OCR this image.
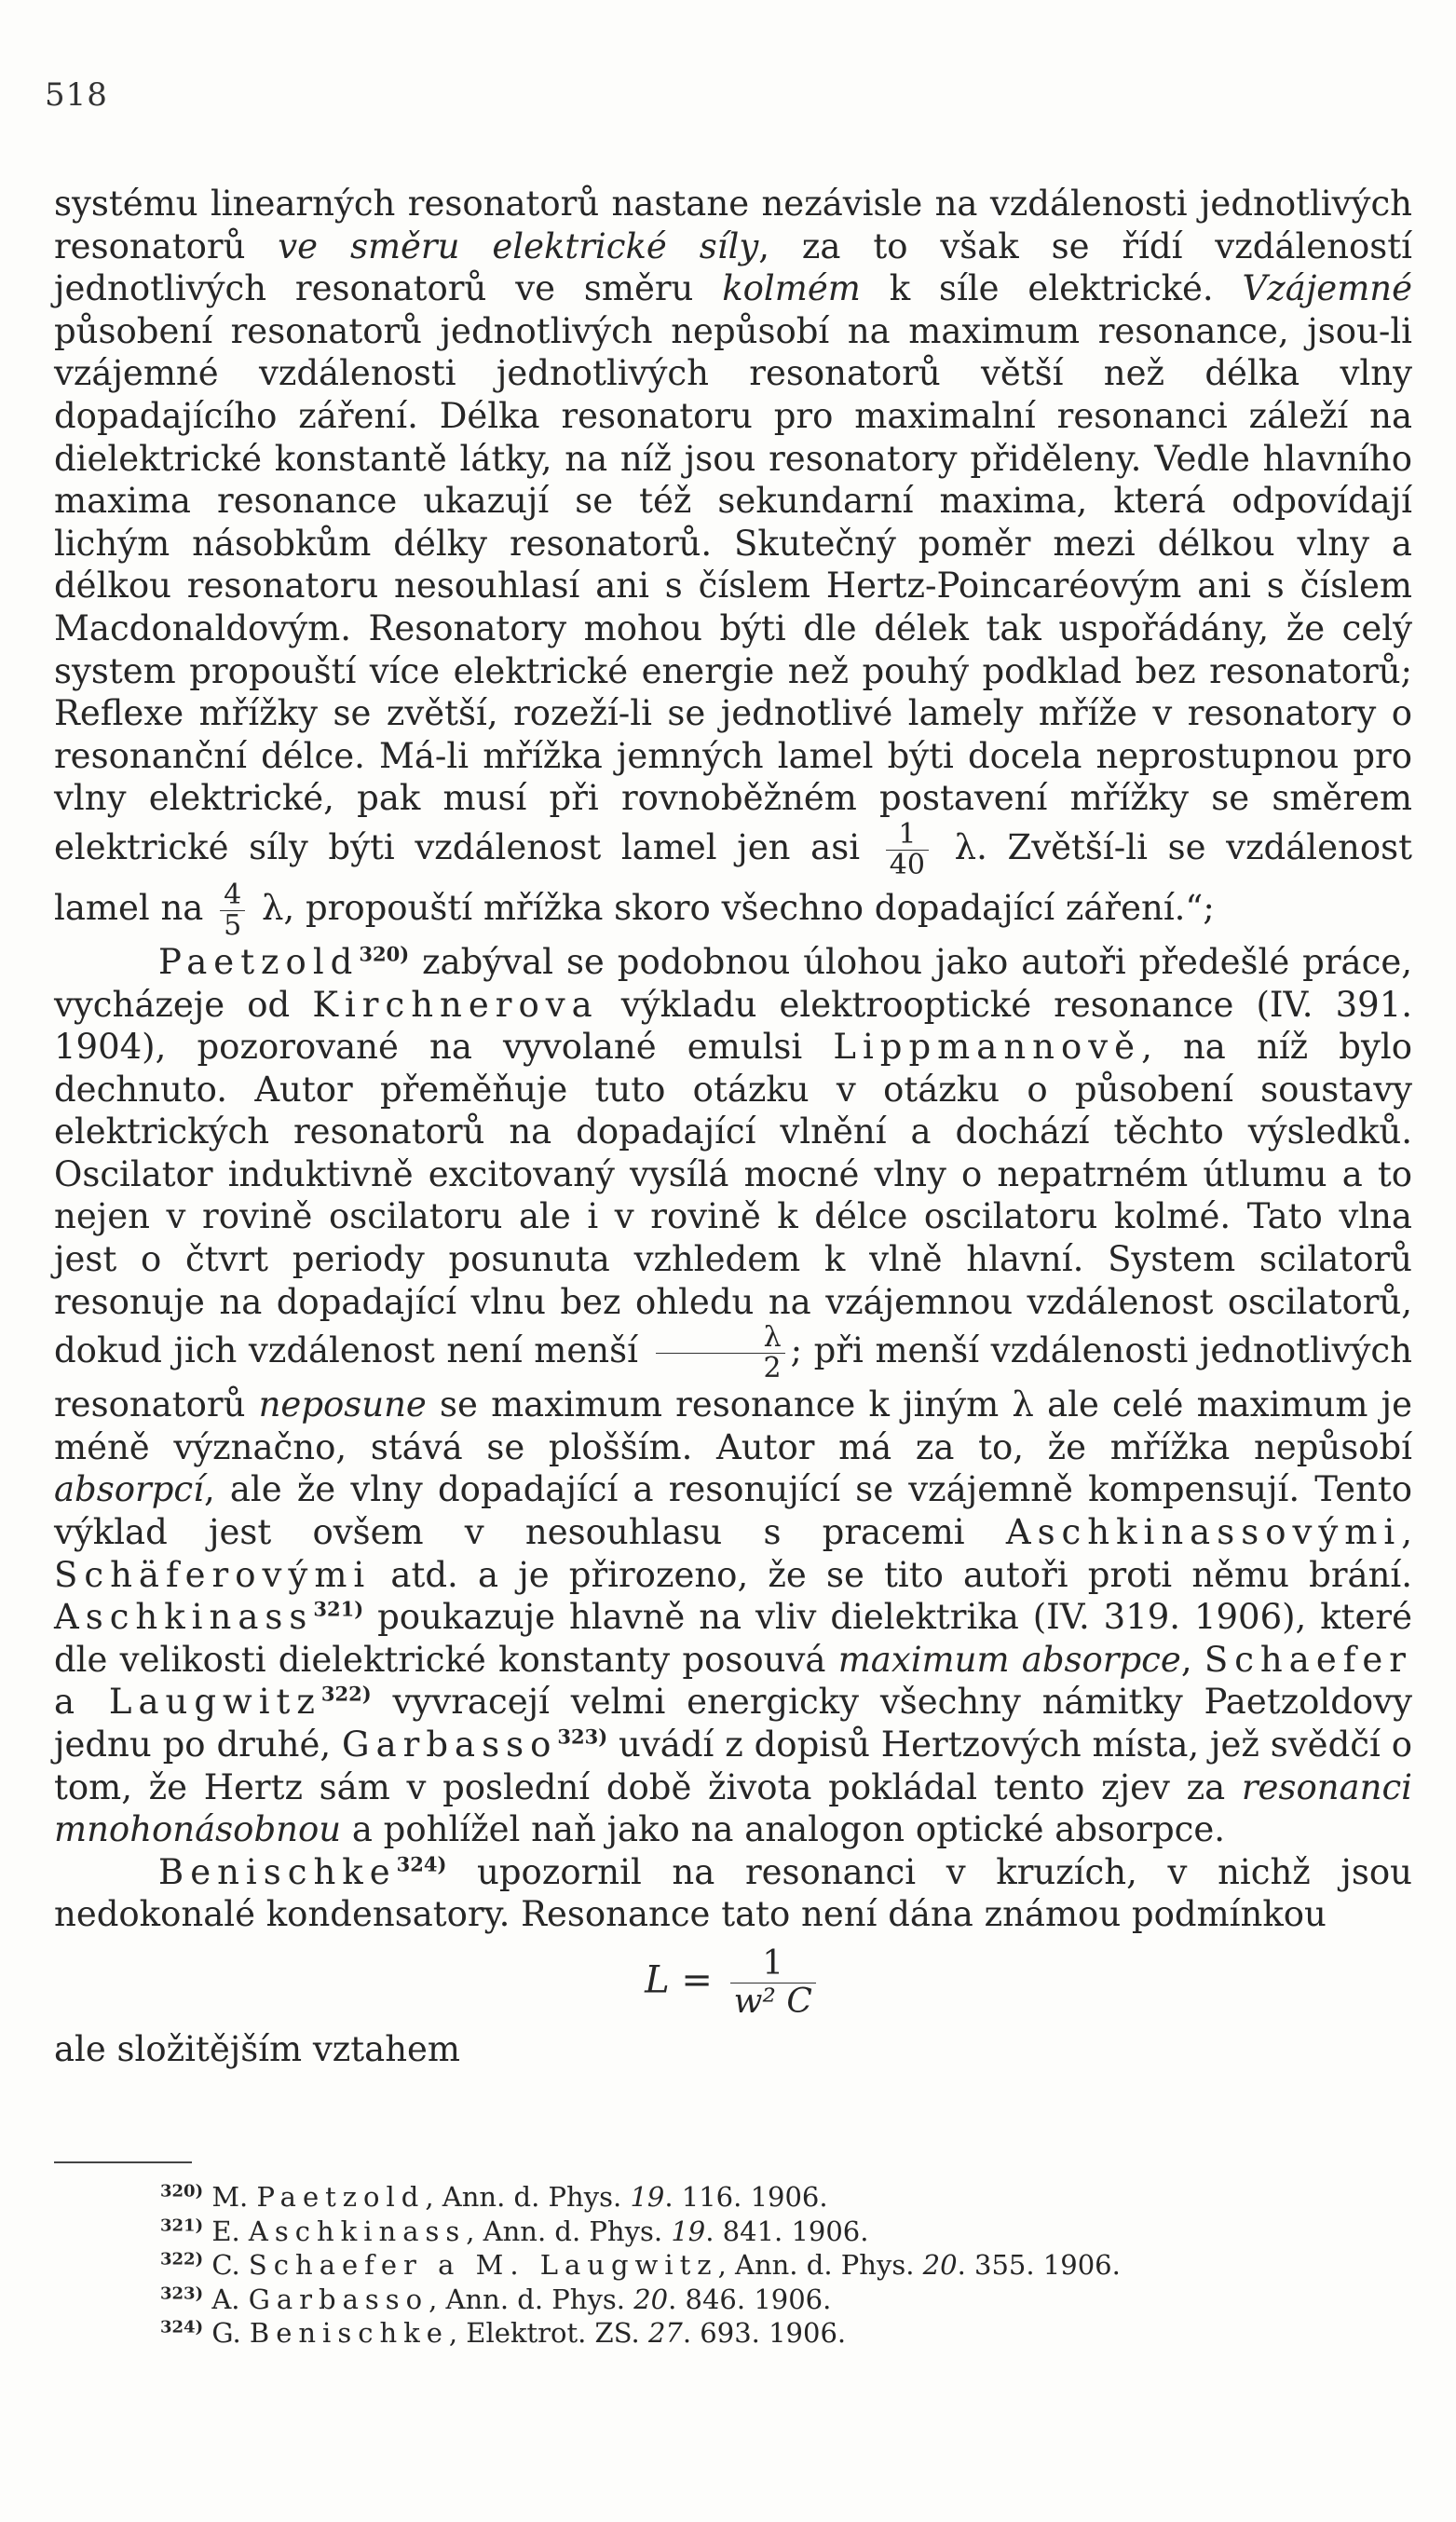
518

systému linearných resonatorů nastane nezávisle na vzdálenosti jednotlivých resonatorů ve směru elektrické síly, za to však se řídí vzdáleností jednotlivých resonatorů ve směru kolmém k síle elektrické. Vzájemné působení resonatorů jednotlivých nepůsobí na maximum resonance, jsou-li vzájemné vzdálenosti jednotlivých resonatorů větší než délka vlny dopadajícího záření. Délka resonatoru pro maximalní resonanci záleží na dielektrické konstantě látky, na níž jsou resonatory přiděleny. Vedle hlavního maxima resonance ukazují se též sekundarní maxima, která odpovídají lichým násobkům délky resonatorů. Skutečný poměr mezi délkou vlny a délkou resonatoru nesouhlasí ani s číslem Hertz-Poincaréovým ani s číslem Macdonaldovým. Resonatory mohou býti dle délek tak uspořádány, že celý system propouští více elektrické energie než pouhý podklad bez resonatorů; Reflexe mřížky se zvětší, rozeží-li se jednotlivé lamely mříže v resonatory o resonanční délce. Má-li mřížka jemných lamel býti docela neprostupnou pro vlny elektrické, pak musí při rovnoběžném postavení mřížky se směrem elektrické síly býti vzdálenost lamel jen asi $\frac{1}{40} \lambda$. Zvětší-li se vzdálenost lamel na $\frac{4}{5} \lambda$, propouští mřížka skoro všechno dopadající záření.“;

Paetzold$^{320)}$ zabýval se podobnou úlohou jako autoři předešlé práce, vycházeje od Kirchnerova výkladu elektrooptické resonance (IV. 391. 1904), pozorované na vyvolané emulsi Lippmannově, na níž bylo dechnuto. Autor přeměňuje tuto otázku v otázku o působení soustavy elektrických resonatorů na dopadající vlnění a dochází těchto výsledků. Oscilator induktivně excitovaný vysílá mocné vlny o nepatrném útlumu a to nejen v rovině oscilatoru ale i v rovině k délce oscilatoru kolmé. Tato vlna jest o čtvrt periody posunuta vzhledem k vlně hlavní. System scilatorů resonuje na dopadající vlnu bez ohledu na vzájemnou vzdálenost oscilatorů, dokud jich vzdálenost není menší $\frac{\lambda}{2}$ ; při menší vzdálenosti jednotlivých resonatorů neposune se maximum resonance k jiným λ ale celé maximum je méně význačno, stává se plošším. Autor má za to, že mřížka nepůsobí absorpcí, ale že vlny dopadající a resonující se vzájemně kompensují. Tento výklad jest ovšem v nesouhlasu s pracemi Aschkinassovými, Schäferovými atd. a je přirozeno, že se tito autoři proti němu brání. Aschkinass$^{321)}$ poukazuje hlavně na vliv dielektrika (IV. 319. 1906), které dle velikosti dielektrické konstanty posouvá maximum absorpce, Schaefer a Laugwitz$^{322)}$ vyvracejí velmi energicky všechny námitky Paetzoldovy jednu po druhé, Garbasso$^{323)}$ uvádí z dopisů Hertzových místa, jež svědčí o tom, že Hertz sám v poslední době života pokládal tento zjev za resonanci mnohonásobnou a pohlížel naň jako na analogon optické absorpce.

Benischke$^{324)}$ upozornil na resonanci v kruzích, v nichž jsou nedokonalé kondensatory. Resonance tato není dána známou podmínkou

$L = \frac{1}{\text{w² C}}$

ale složitějším vztahem

$^{320)}$ M. Paetzold, Ann. d. Phys. 19. 116. 1906.
$^{321)}$ E. Aschkinass, Ann. d. Phys. 19. 841. 1906.
$^{322)}$ C. Schaefer a M. Laugwitz, Ann. d. Phys. 20. 355. 1906.
$^{323)}$ A. Garbasso, Ann. d. Phys. 20. 846. 1906.
$^{324)}$ G. Benischke, Elektrot. ZS. 27. 693. 1906.
